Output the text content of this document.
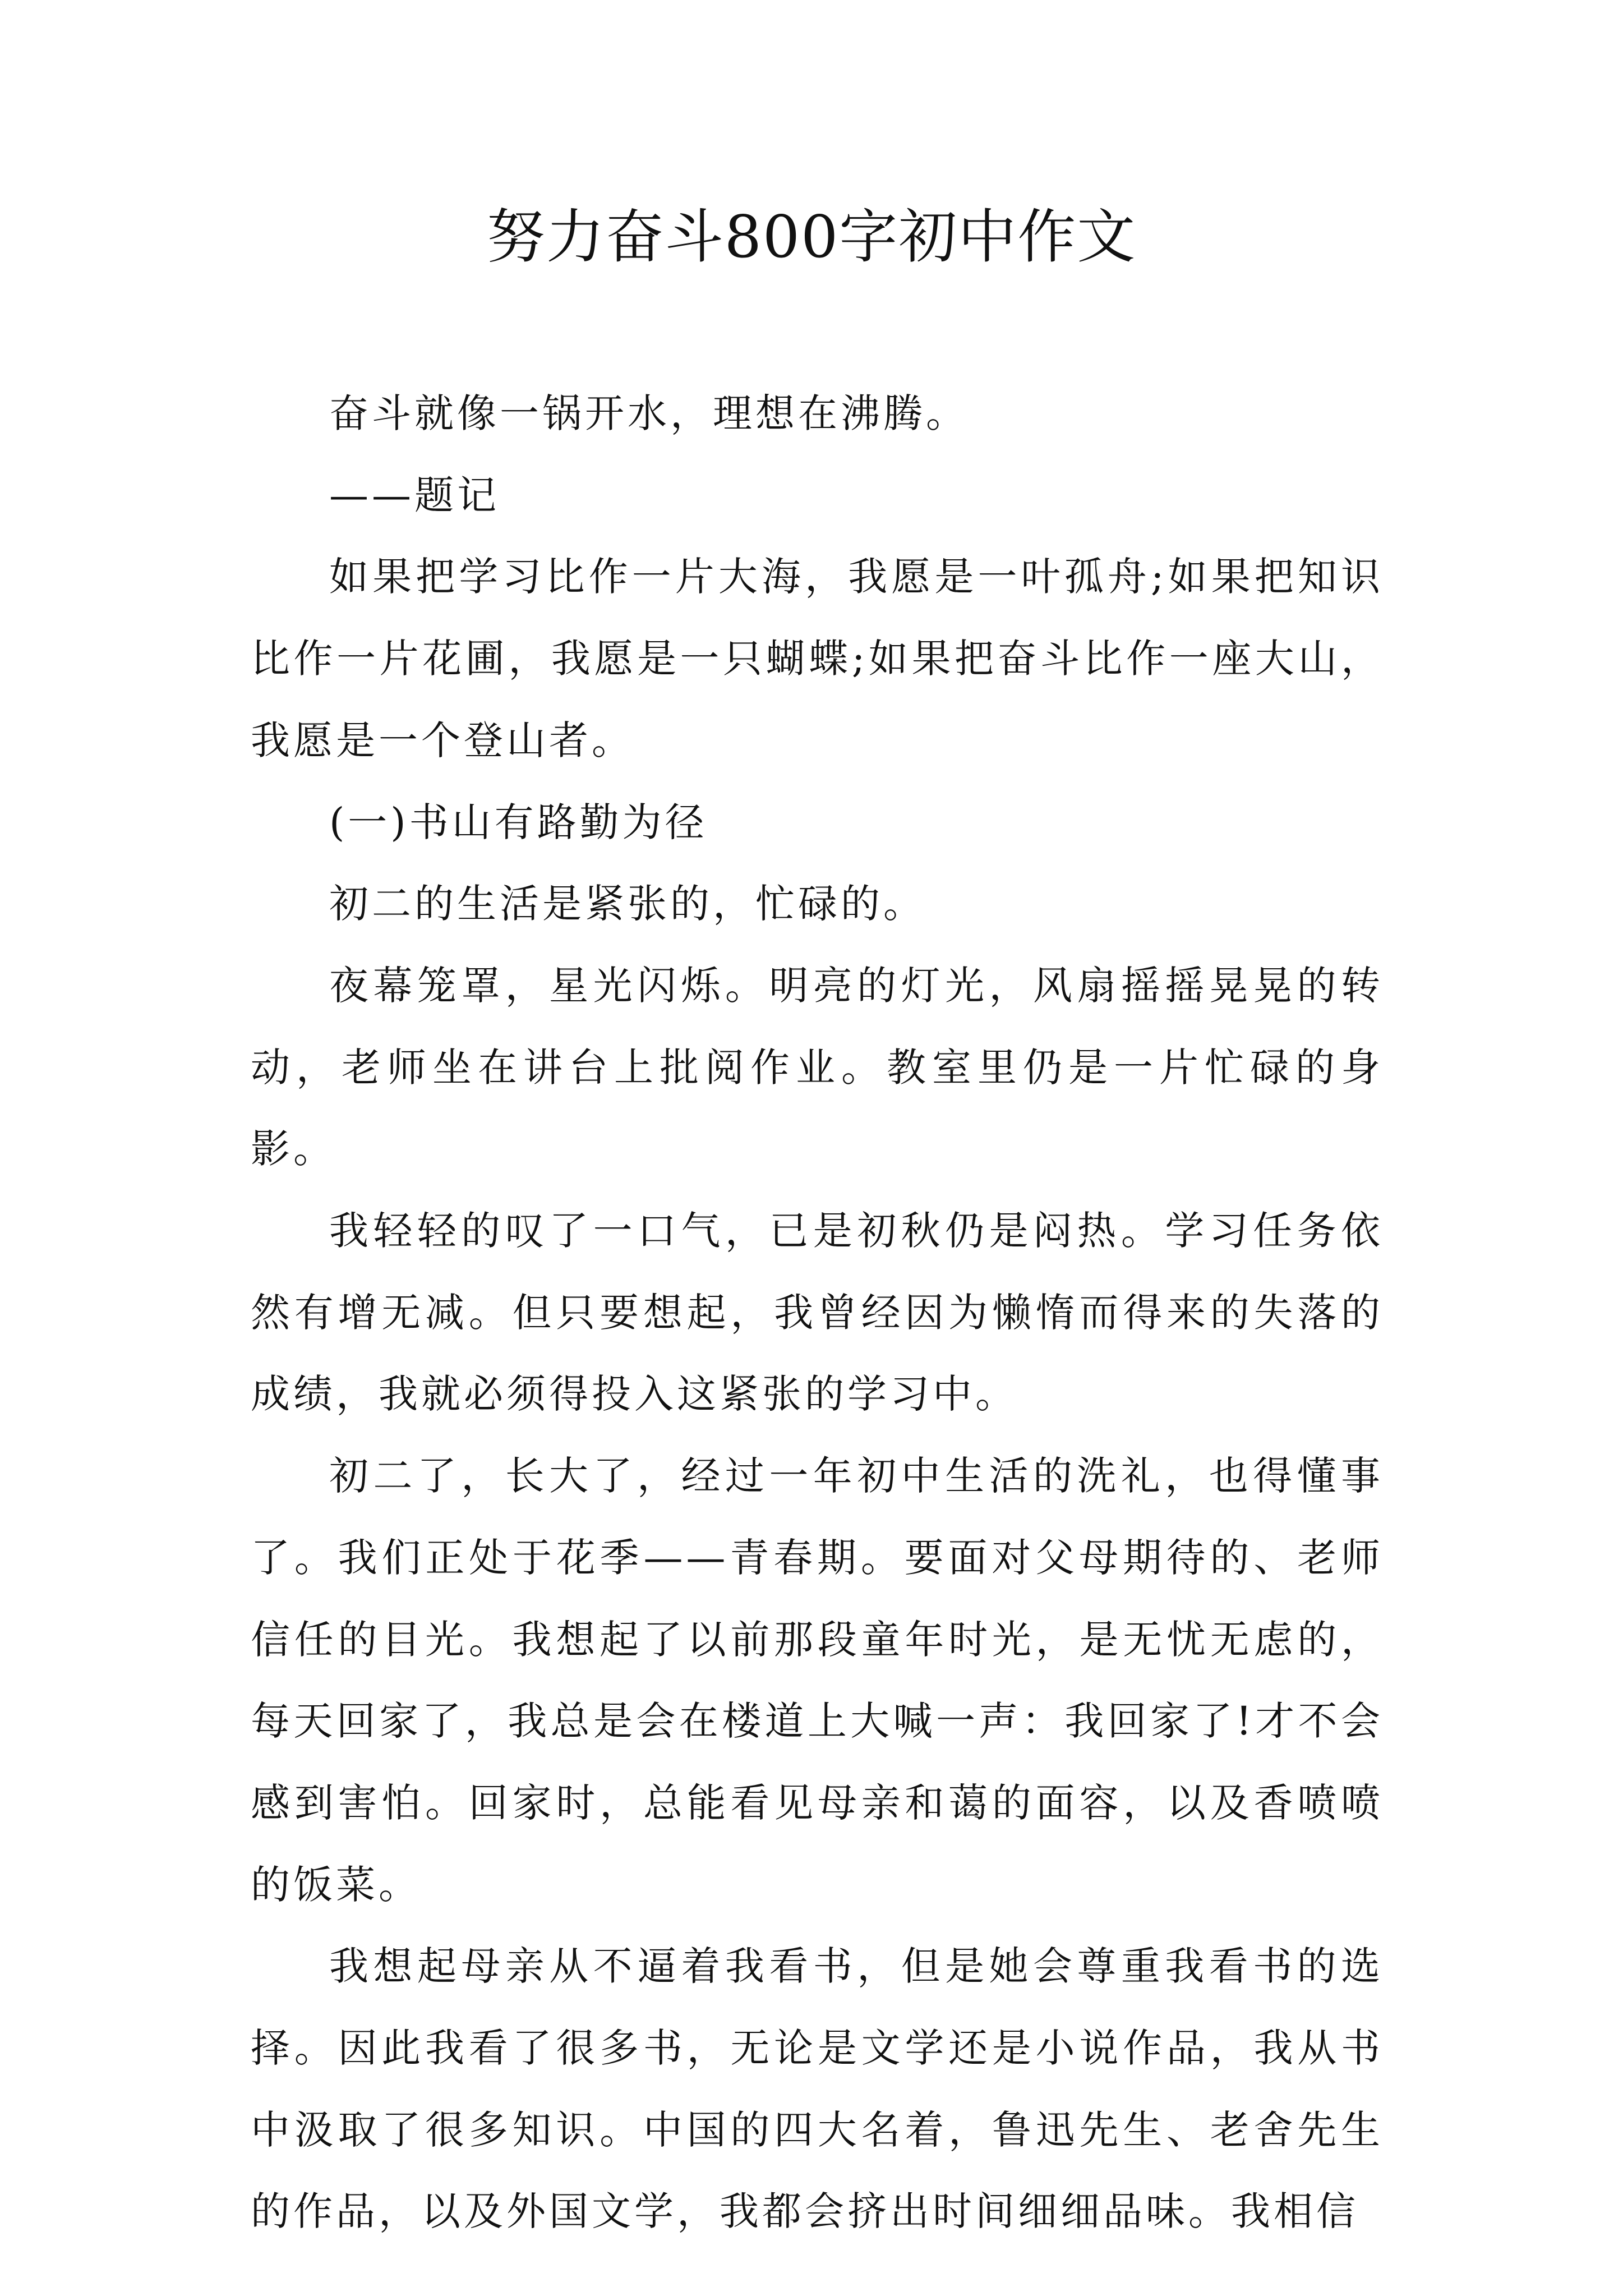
努力奋斗800字初中作文

奋斗就像一锅开水，理想在沸腾。

——题记

如果把学习比作一片大海，我愿是一叶孤舟;如果把知识比作一片花圃，我愿是一只蝴蝶;如果把奋斗比作一座大山，我愿是一个登山者。

(一)书山有路勤为径

初二的生活是紧张的，忙碌的。

夜幕笼罩，星光闪烁。明亮的灯光，风扇摇摇晃晃的转动，老师坐在讲台上批阅作业。教室里仍是一片忙碌的身影。

我轻轻的叹了一口气，已是初秋仍是闷热。学习任务依然有增无减。但只要想起，我曾经因为懒惰而得来的失落的成绩，我就必须得投入这紧张的学习中。

初二了，长大了，经过一年初中生活的洗礼，也得懂事了。我们正处于花季——青春期。要面对父母期待的、老师信任的目光。我想起了以前那段童年时光，是无忧无虑的，每天回家了，我总是会在楼道上大喊一声：我回家了!才不会感到害怕。回家时，总能看见母亲和蔼的面容，以及香喷喷的饭菜。

我想起母亲从不逼着我看书，但是她会尊重我看书的选择。因此我看了很多书，无论是文学还是小说作品，我从书中汲取了很多知识。中国的四大名着，鲁迅先生、老舍先生的作品，以及外国文学，我都会挤出时间细细品味。我相信
